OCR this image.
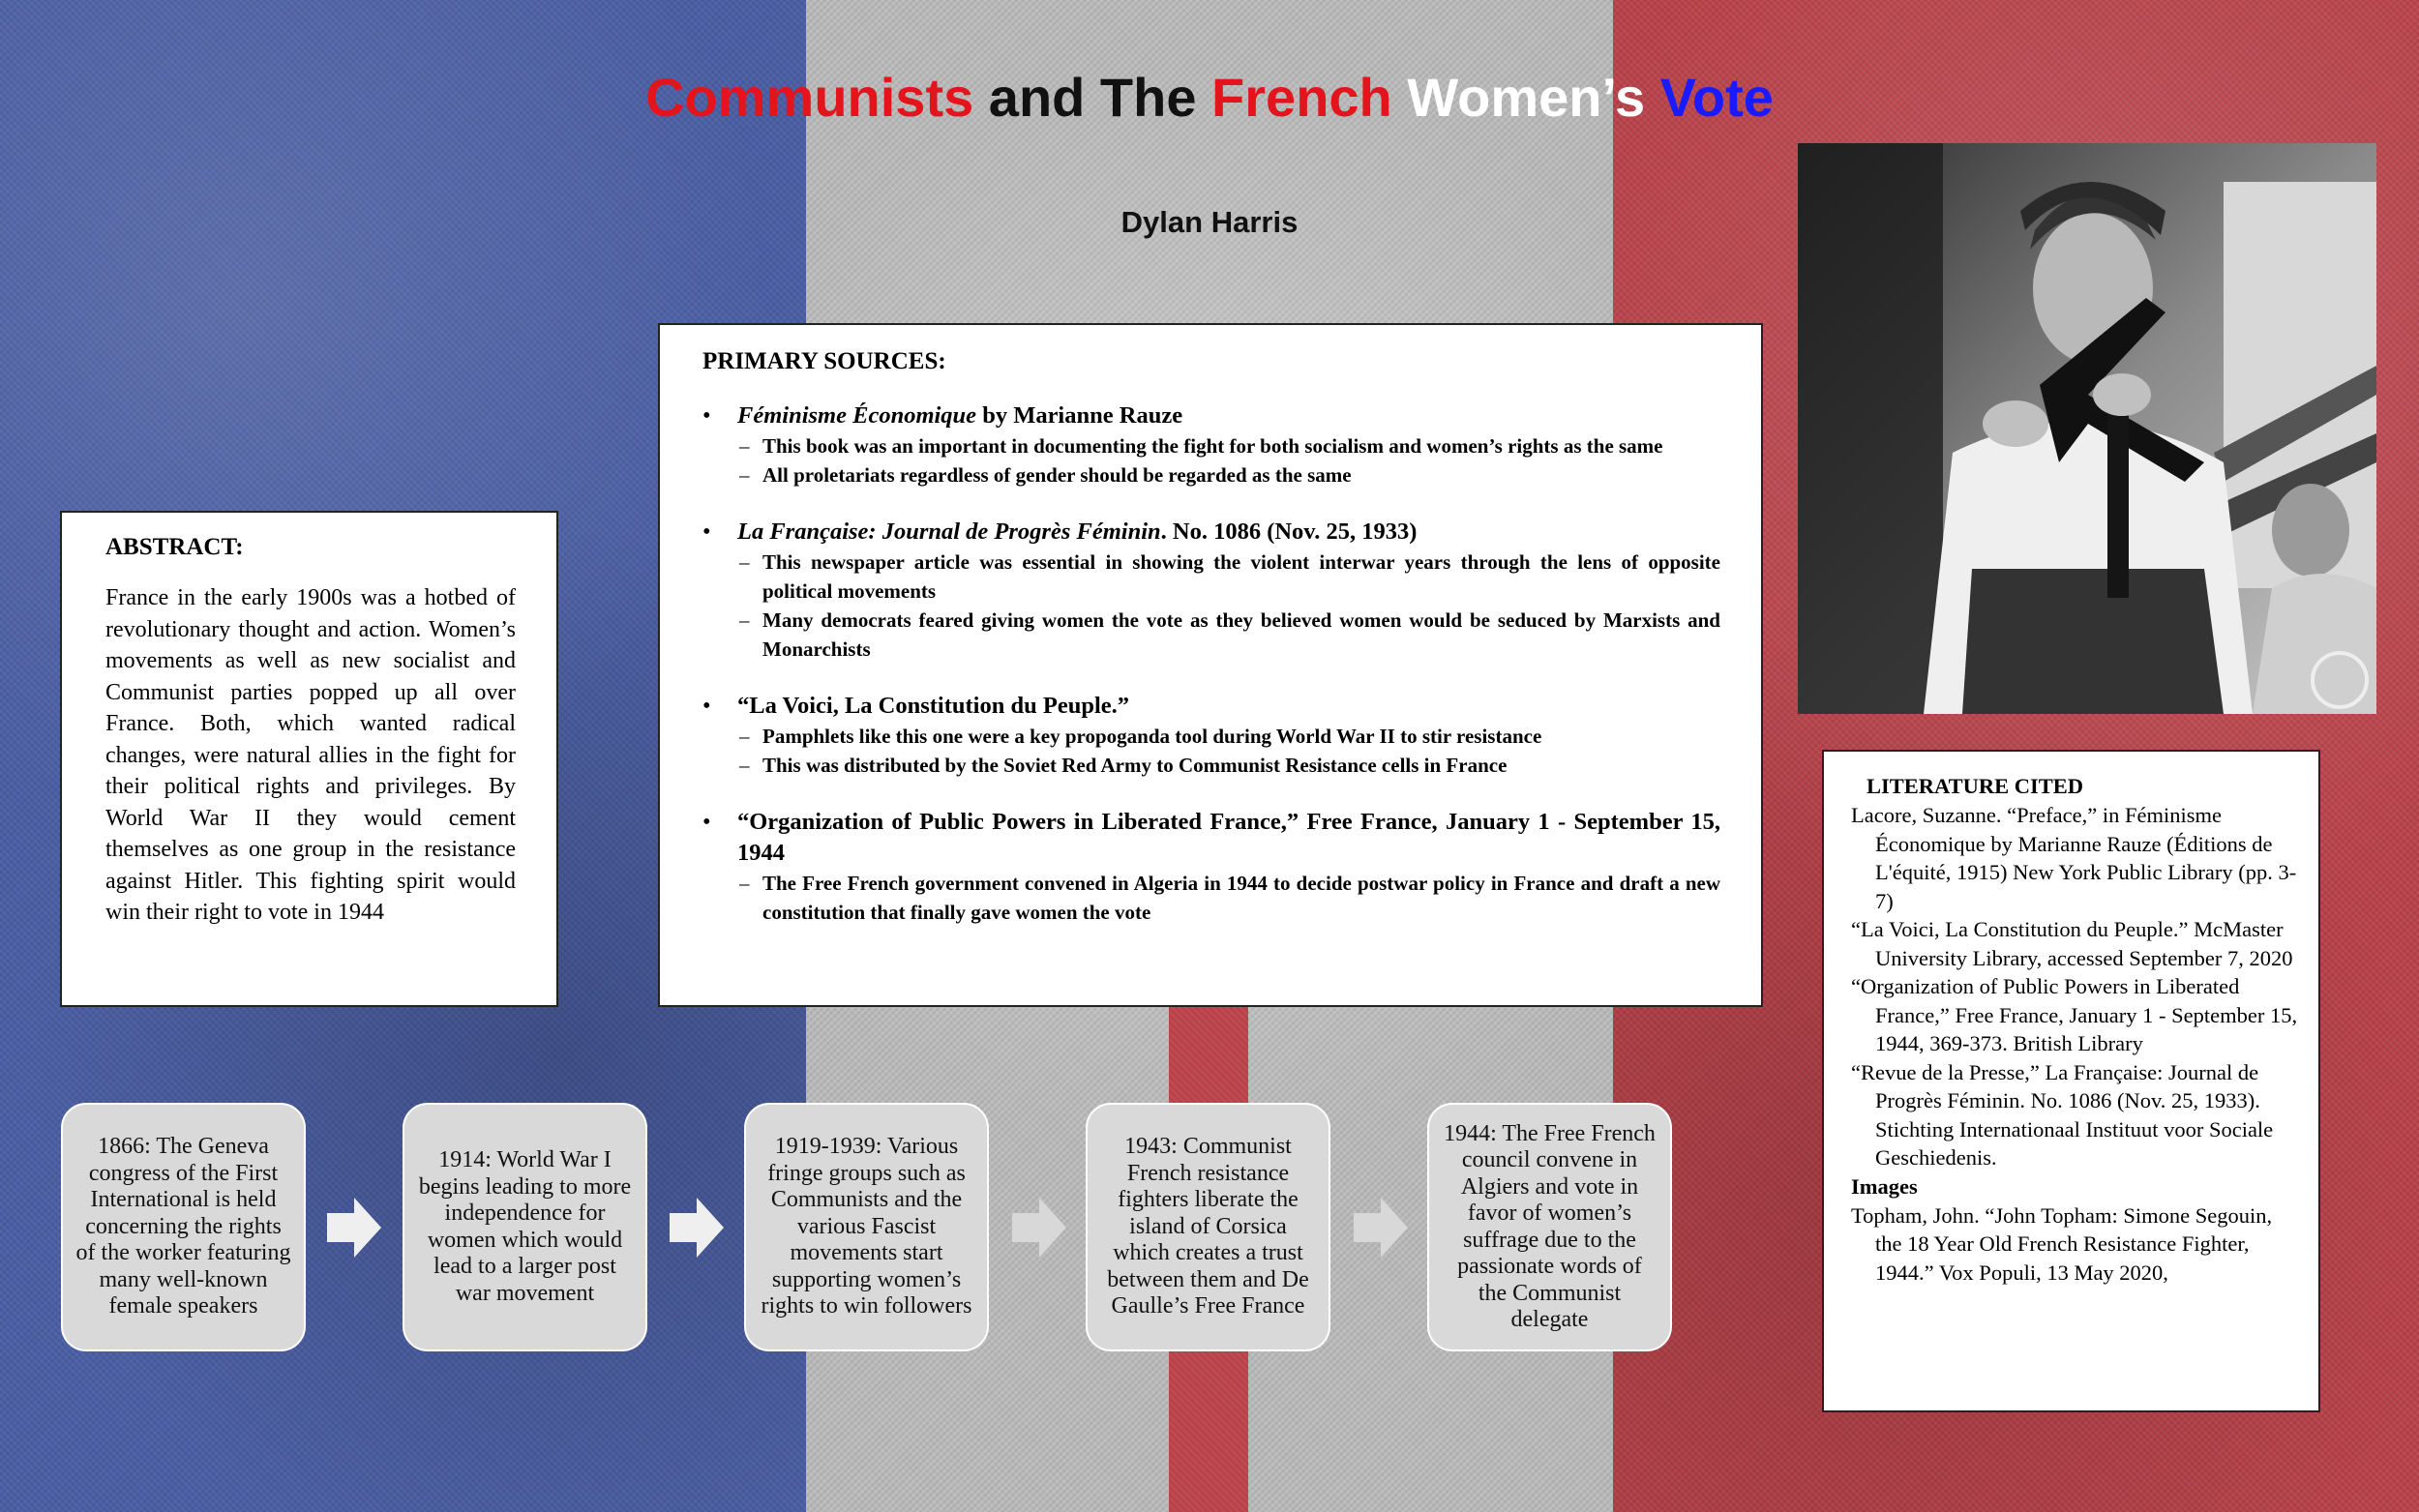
Communists and The French Women’s Vote
Dylan Harris
ABSTRACT:

France in the early 1900s was a hotbed of revolutionary thought and action. Women’s movements as well as new socialist and Communist parties popped up all over France. Both, which wanted radical changes, were natural allies in the fight for their political rights and privileges. By World War II they would cement themselves as one group in the resistance against Hitler. This fighting spirit would win their right to vote in 1944

PRIMARY SOURCES:
• Féminisme Économique by Marianne Rauze
– This book was an important in documenting the fight for both socialism and women’s rights as the same
– All proletariats regardless of gender should be regarded as the same
• La Française: Journal de Progrès Féminin. No. 1086 (Nov. 25, 1933)
– This newspaper article was essential in showing the violent interwar years through the lens of opposite political movements
– Many democrats feared giving women the vote as they believed women would be seduced by Marxists and Monarchists
• “La Voici, La Constitution du Peuple.”
– Pamphlets like this one were a key propoganda tool during World War II to stir resistance
– This was distributed by the Soviet Red Army to Communist Resistance cells in France
• “Organization of Public Powers in Liberated France,” Free France, January 1 - September 15, 1944
– The Free French government convened in Algeria in 1944 to decide postwar policy in France and draft a new constitution that finally gave women the vote
LITERATURE CITED

Lacore, Suzanne. “Preface,” in Féminisme Économique by Marianne Rauze (Éditions de L'équité, 1915) New York Public Library (pp. 3-7)

“La Voici, La Constitution du Peuple.” McMaster University Library, accessed September 7, 2020

“Organization of Public Powers in Liberated France,” Free France, January 1 - September 15, 1944, 369-373. British Library

“Revue de la Presse,” La Française: Journal de Progrès Féminin. No. 1086 (Nov. 25, 1933). Stichting Internationaal Instituut voor Sociale Geschiedenis.

Images

Topham, John. “John Topham: Simone Segouin, the 18 Year Old French Resistance Fighter, 1944.” Vox Populi, 13 May 2020,

1866: The Geneva congress of the First International is held concerning the rights of the worker featuring many well-known female speakers
1914: World War I begins leading to more independence for women which would lead to a larger post war movement
1919-1939: Various fringe groups such as Communists and the various Fascist movements start supporting women’s rights to win followers
1943: Communist French resistance fighters liberate the island of Corsica which creates a trust between them and De Gaulle’s Free France
1944: The Free French council convene in Algiers and vote in favor of women’s suffrage due to the passionate words of the Communist delegate
